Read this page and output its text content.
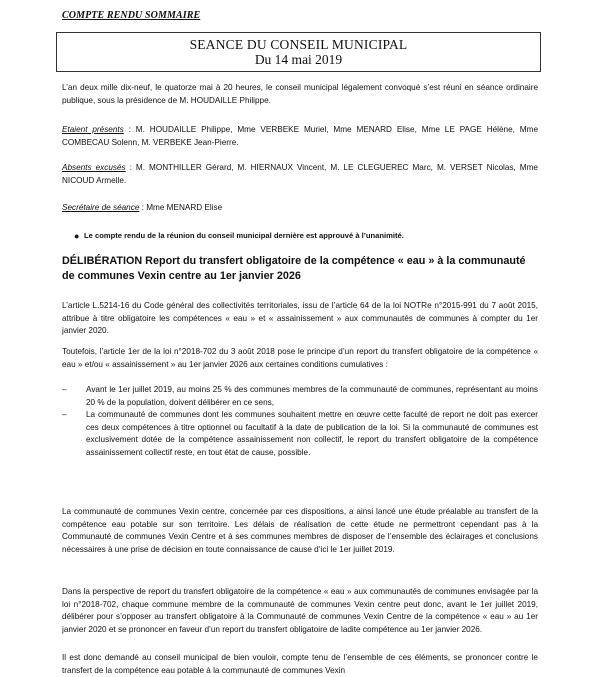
COMPTE RENDU SOMMAIRE
SEANCE DU CONSEIL MUNICIPAL
Du 14 mai 2019

L’an deux mille dix-neuf, le quatorze mai à 20 heures, le conseil municipal légalement convoqué s’est réuni en séance ordinaire publique, sous la présidence de M. HOUDAILLE Philippe.

Etaient présents : M. HOUDAILLE Philippe, Mme VERBEKE Muriel, Mme MENARD Elise, Mme LE PAGE Hélène, Mme COMBECAU Solenn, M. VERBEKE Jean-Pierre.

Absents excusés : M. MONTHILLER Gérard, M. HIERNAUX Vincent, M. LE CLEGUEREC Marc, M. VERSET Nicolas, Mme NICOUD Armelle.

Secrétaire de séance : Mme MENARD Elise

● Le compte rendu de la réunion du conseil municipal dernière est approuvé à l’unanimité.
DÉLIBÉRATION Report du transfert obligatoire de la compétence « eau » à la communauté de communes Vexin centre au 1er janvier 2026

L’article L.5214-16 du Code général des collectivités territoriales, issu de l’article 64 de la loi NOTRe n°2015-991 du 7 août 2015, attribue à titre obligatoire les compétences « eau » et « assainissement » aux communautés de communes à compter du 1er janvier 2020.

Toutefois, l’article 1er de la loi n°2018-702 du 3 août 2018 pose le principe d’un report du transfert obligatoire de la compétence « eau » et/ou « assainissement » au 1er janvier 2026 aux certaines conditions cumulatives :

– Avant le 1er juillet 2019, au moins 25 % des communes membres de la communauté de communes, représentant au moins 20 % de la population, doivent délibérer en ce sens,
– La communauté de communes dont les communes souhaitent mettre en œuvre cette faculté de report ne doit pas exercer ces deux compétences à titre optionnel ou facultatif à la date de publication de la loi. Si la communauté de communes est exclusivement dotée de la compétence assainissement non collectif, le report du transfert obligatoire de la compétence assainissement collectif reste, en tout état de cause, possible.

La communauté de communes Vexin centre, concernée par ces dispositions, a ainsi lancé une étude préalable au transfert de la compétence eau potable sur son territoire. Les délais de réalisation de cette étude ne permettront cependant pas à la Communauté de communes Vexin Centre et à ses communes membres de disposer de l’ensemble des éclairages et conclusions nécessaires à une prise de décision en toute connaissance de cause d’ici le 1er juillet 2019.

Dans la perspective de report du transfert obligatoire de la compétence « eau » aux communautés de communes envisagée par la loi n°2018-702, chaque commune membre de la communauté de communes Vexin centre peut donc, avant le 1er juillet 2019, délibérer pour s’opposer au transfert obligatoire à la Communauté de communes Vexin Centre de la compétence « eau » au 1er janvier 2020 et se prononcer en faveur d’un report du transfert obligatoire de ladite compétence au 1er janvier 2026.

Il est donc demandé au conseil municipal de bien vouloir, compte tenu de l’ensemble de ces éléments, se prononcer contre le transfert de la compétence eau potable à la communauté de communes Vexin
